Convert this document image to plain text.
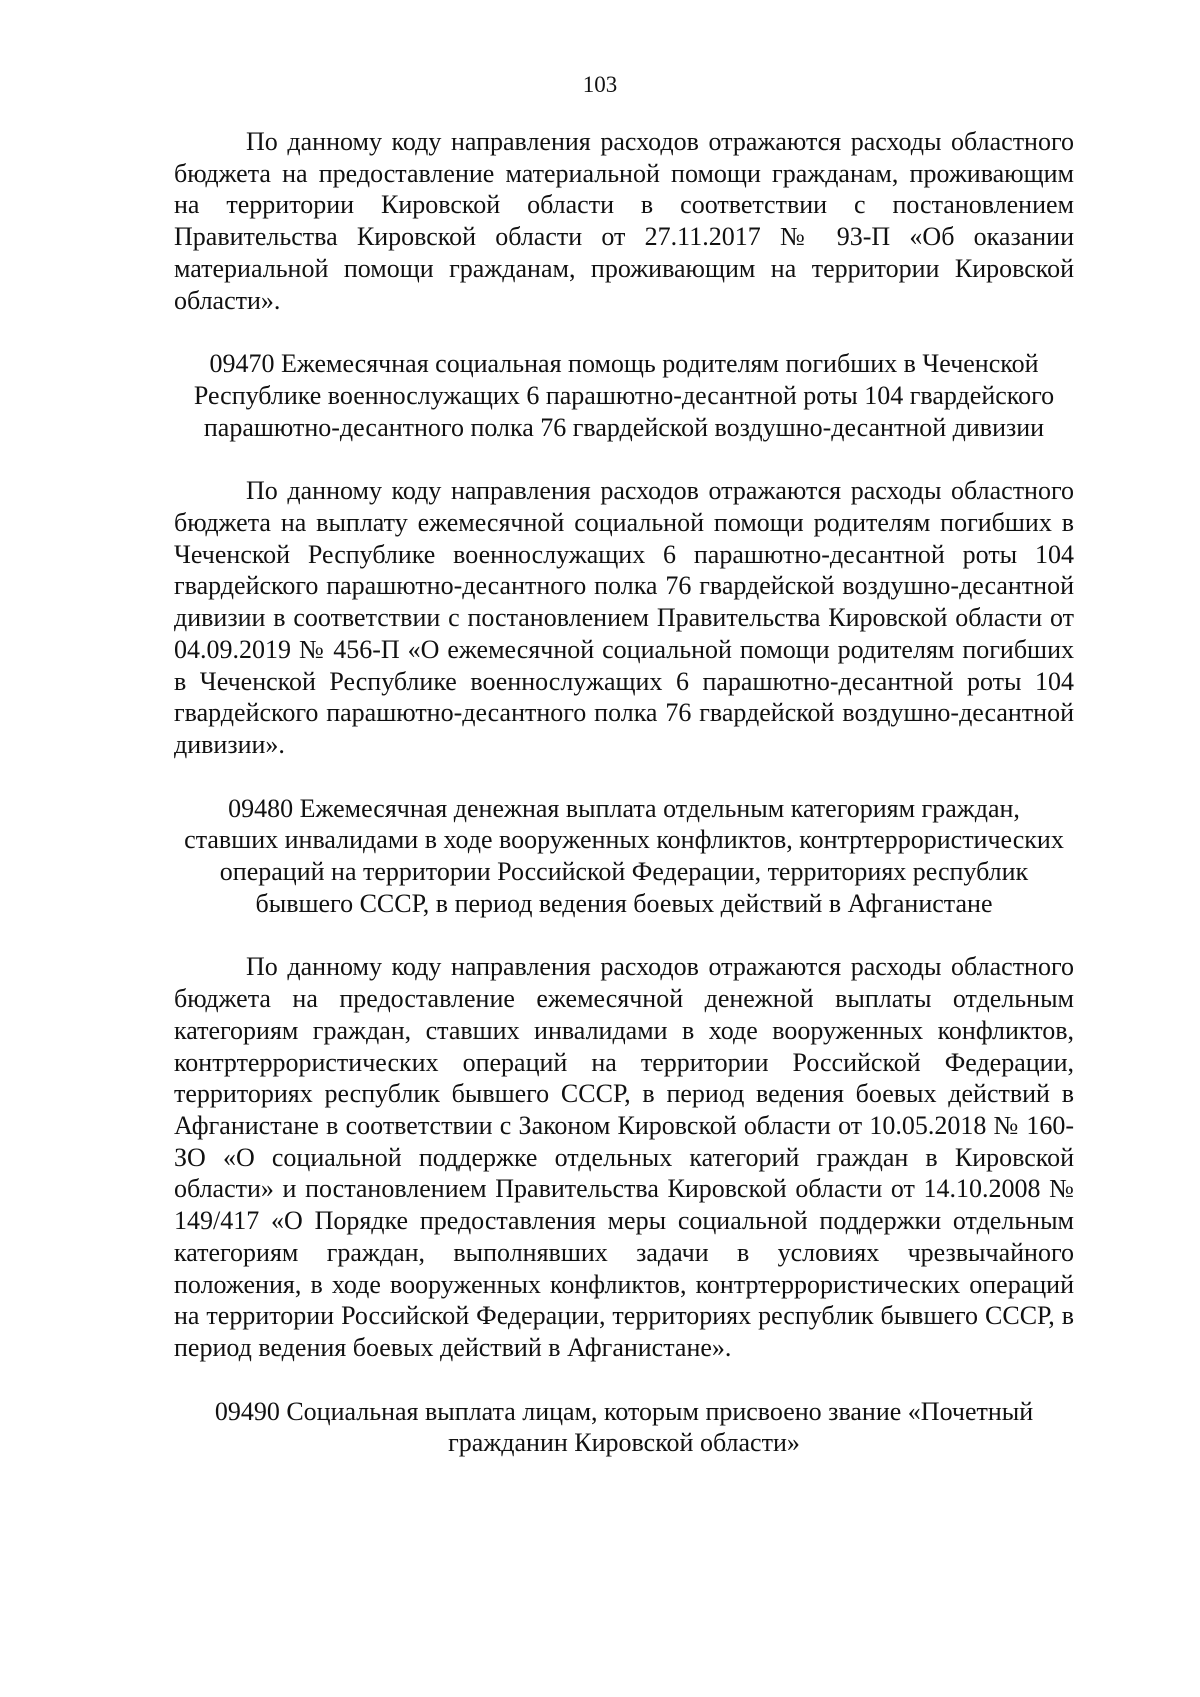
103

По данному коду направления расходов отражаются расходы областного бюджета на предоставление материальной помощи гражданам, проживающим на территории Кировской области в соответствии с постановлением Правительства Кировской области от 27.11.2017 № 93-П «Об оказании материальной помощи гражданам, проживающим на территории Кировской области».

09470 Ежемесячная социальная помощь родителям погибших в Чеченской Республике военнослужащих 6 парашютно-десантной роты 104 гвардейского парашютно-десантного полка 76 гвардейской воздушно-десантной дивизии

По данному коду направления расходов отражаются расходы областного бюджета на выплату ежемесячной социальной помощи родителям погибших в Чеченской Республике военнослужащих 6 парашютно-десантной роты 104 гвардейского парашютно-десантного полка 76 гвардейской воздушно-десантной дивизии в соответствии с постановлением Правительства Кировской области от 04.09.2019 № 456-П «О ежемесячной социальной помощи родителям погибших в Чеченской Республике военнослужащих 6 парашютно-десантной роты 104 гвардейского парашютно-десантного полка 76 гвардейской воздушно-десантной дивизии».

09480 Ежемесячная денежная выплата отдельным категориям граждан, ставших инвалидами в ходе вооруженных конфликтов, контртеррористических операций на территории Российской Федерации, территориях республик бывшего СССР, в период ведения боевых действий в Афганистане

По данному коду направления расходов отражаются расходы областного бюджета на предоставление ежемесячной денежной выплаты отдельным категориям граждан, ставших инвалидами в ходе вооруженных конфликтов, контртеррористических операций на территории Российской Федерации, территориях республик бывшего СССР, в период ведения боевых действий в Афганистане в соответствии с Законом Кировской области от 10.05.2018 № 160-ЗО «О социальной поддержке отдельных категорий граждан в Кировской области» и постановлением Правительства Кировской области от 14.10.2008 № 149/417 «О Порядке предоставления меры социальной поддержки отдельным категориям граждан, выполнявших задачи в условиях чрезвычайного положения, в ходе вооруженных конфликтов, контртеррористических операций на территории Российской Федерации, территориях республик бывшего СССР, в период ведения боевых действий в Афганистане».

09490 Социальная выплата лицам, которым присвоено звание «Почетный гражданин Кировской области»
